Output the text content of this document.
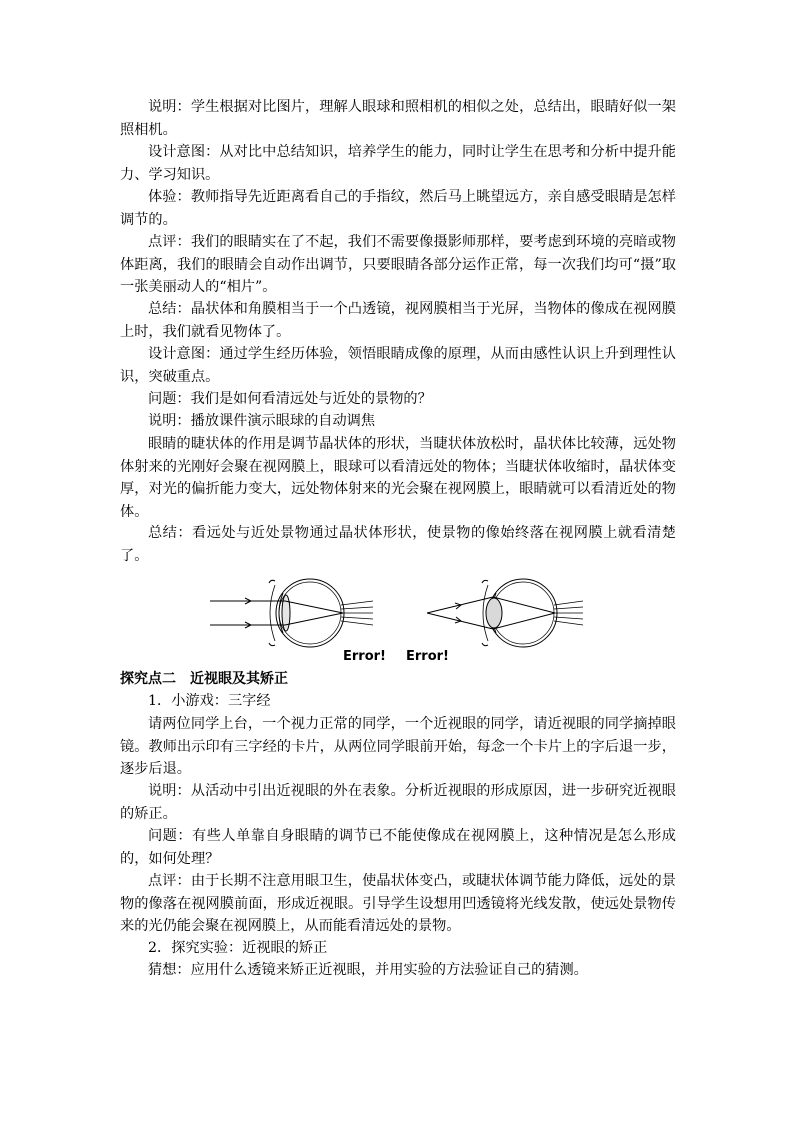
说明：学生根据对比图片，理解人眼球和照相机的相似之处，总结出，眼睛好似一架照相机。

设计意图：从对比中总结知识，培养学生的能力，同时让学生在思考和分析中提升能力、学习知识。

体验：教师指导先近距离看自己的手指纹，然后马上眺望远方，亲自感受眼睛是怎样调节的。

点评：我们的眼睛实在了不起，我们不需要像摄影师那样，要考虑到环境的亮暗或物体距离，我们的眼睛会自动作出调节，只要眼睛各部分运作正常，每一次我们均可“摄”取一张美丽动人的“相片”。

总结：晶状体和角膜相当于一个凸透镜，视网膜相当于光屏，当物体的像成在视网膜上时，我们就看见物体了。

设计意图：通过学生经历体验，领悟眼睛成像的原理，从而由感性认识上升到理性认识，突破重点。

问题：我们是如何看清远处与近处的景物的？

说明：播放课件演示眼球的自动调焦

眼睛的睫状体的作用是调节晶状体的形状，当睫状体放松时，晶状体比较薄，远处物体射来的光刚好会聚在视网膜上，眼球可以看清远处的物体；当睫状体收缩时，晶状体变厚，对光的偏折能力变大，远处物体射来的光会聚在视网膜上，眼睛就可以看清近处的物体。

总结：看远处与近处景物通过晶状体形状，使景物的像始终落在视网膜上就看清楚了。

Error! Error!

探究点二　近视眼及其矫正

1．小游戏：三字经

请两位同学上台，一个视力正常的同学，一个近视眼的同学，请近视眼的同学摘掉眼镜。教师出示印有三字经的卡片，从两位同学眼前开始，每念一个卡片上的字后退一步，逐步后退。

说明：从活动中引出近视眼的外在表象。分析近视眼的形成原因，进一步研究近视眼的矫正。

问题：有些人单靠自身眼睛的调节已不能使像成在视网膜上，这种情况是怎么形成的，如何处理？

点评：由于长期不注意用眼卫生，使晶状体变凸，或睫状体调节能力降低，远处的景物的像落在视网膜前面，形成近视眼。引导学生设想用凹透镜将光线发散，使远处景物传来的光仍能会聚在视网膜上，从而能看清远处的景物。

2．探究实验：近视眼的矫正

猜想：应用什么透镜来矫正近视眼，并用实验的方法验证自己的猜测。
